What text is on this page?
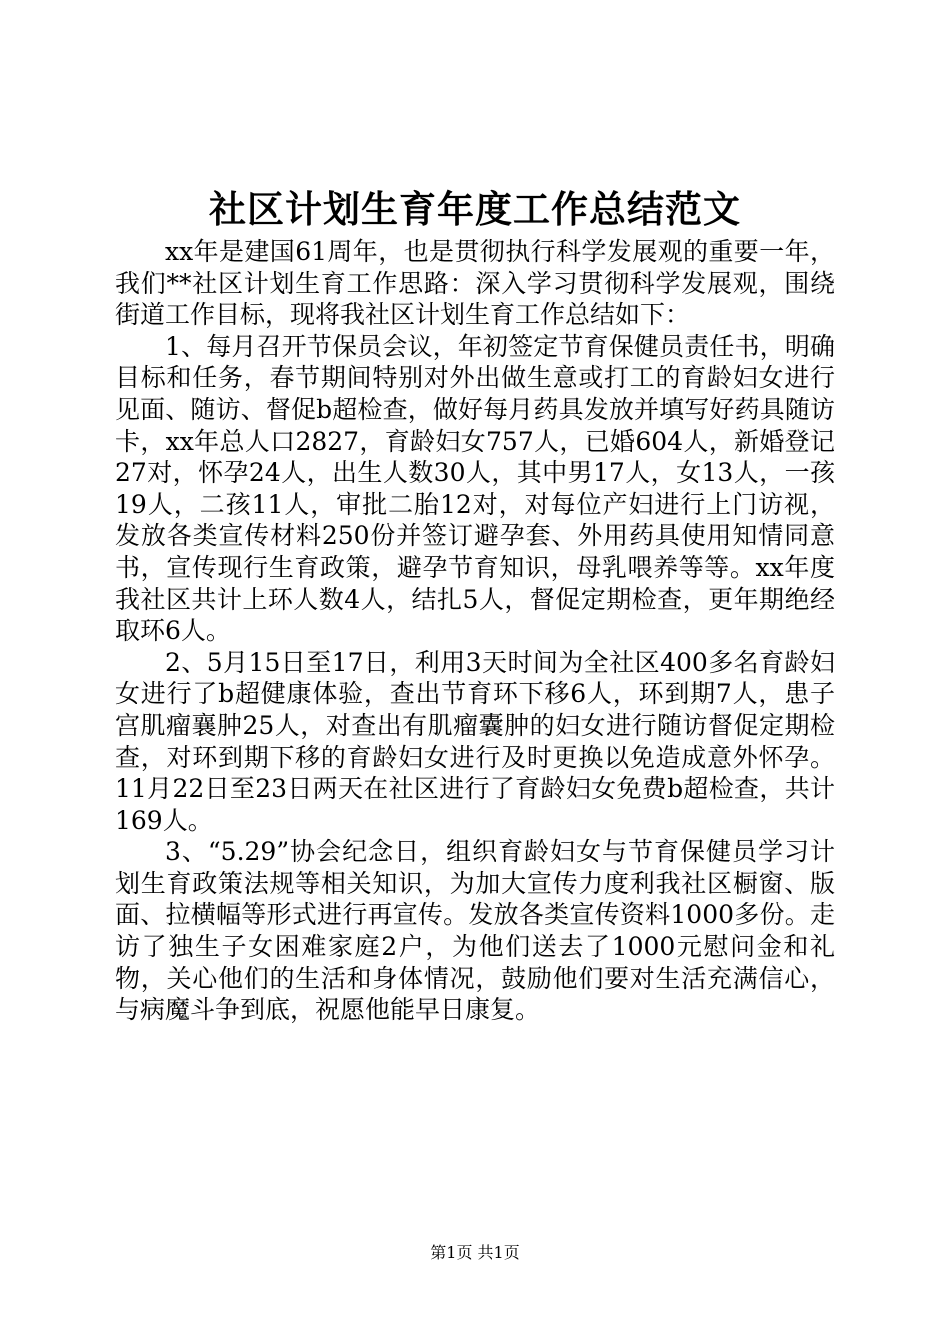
社区计划生育年度工作总结范文

xx年是建国61周年，也是贯彻执行科学发展观的重要一年，我们**社区计划生育工作思路：深入学习贯彻科学发展观，围绕街道工作目标，现将我社区计划生育工作总结如下：

1、每月召开节保员会议，年初签定节育保健员责任书，明确目标和任务，春节期间特别对外出做生意或打工的育龄妇女进行见面、随访、督促b超检查，做好每月药具发放并填写好药具随访卡，xx年总人口2827，育龄妇女757人，已婚604人，新婚登记27对，怀孕24人，出生人数30人，其中男17人，女13人，一孩19人，二孩11人，审批二胎12对，对每位产妇进行上门访视，发放各类宣传材料250份并签订避孕套、外用药具使用知情同意书，宣传现行生育政策，避孕节育知识，母乳喂养等等。xx年度我社区共计上环人数4人，结扎5人，督促定期检查，更年期绝经取环6人。

2、5月15日至17日，利用3天时间为全社区400多名育龄妇女进行了b超健康体验，查出节育环下移6人，环到期7人，患子宫肌瘤襄肿25人，对查出有肌瘤囊肿的妇女进行随访督促定期检查，对环到期下移的育龄妇女进行及时更换以免造成意外怀孕。11月22日至23日两天在社区进行了育龄妇女免费b超检查，共计169人。

3、“5.29”协会纪念日，组织育龄妇女与节育保健员学习计划生育政策法规等相关知识，为加大宣传力度利我社区橱窗、版面、拉横幅等形式进行再宣传。发放各类宣传资料1000多份。走访了独生子女困难家庭2户，为他们送去了1000元慰问金和礼物，关心他们的生活和身体情况，鼓励他们要对生活充满信心，与病魔斗争到底，祝愿他能早日康复。

第1页 共1页
